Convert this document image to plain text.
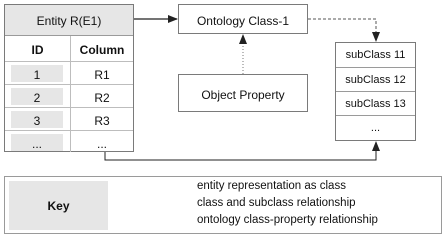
Entity R(E1)
ID	Column
1	R1
2	R2
3	R3
...	...
Ontology Class-1
Object Property
subClass 11
subClass 12
subClass 13
...
Key
entity representation as class
class and subclass relationship
ontology class-property relationship
